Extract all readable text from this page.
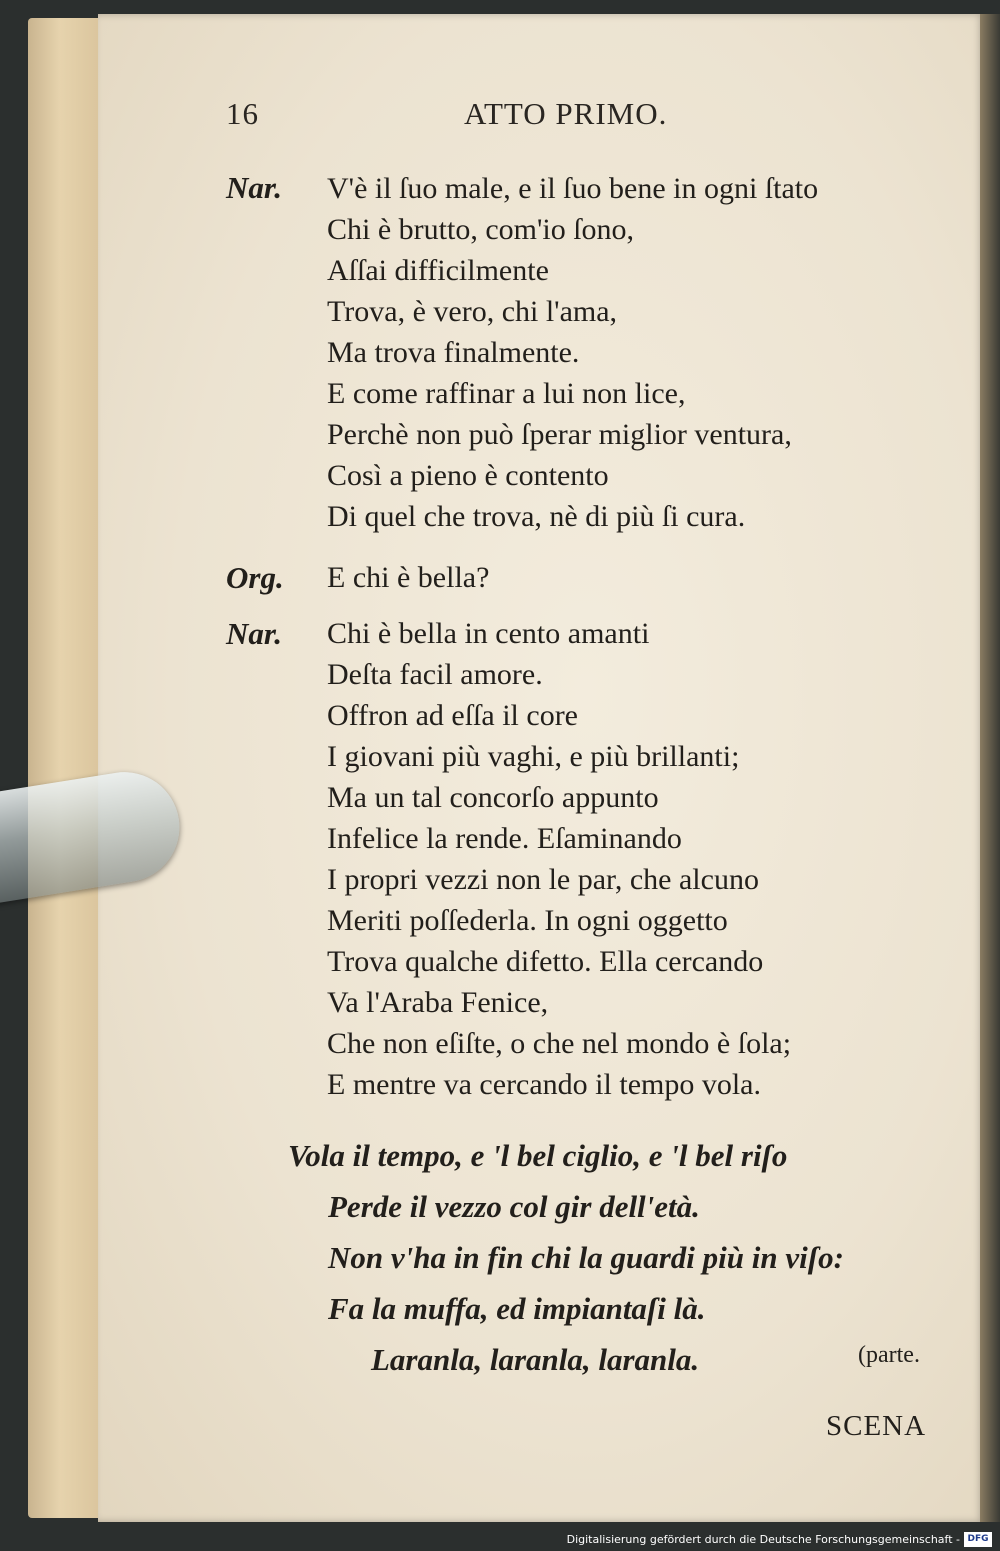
16	ATTO PRIMO.
Nar. V'è il ſuo male, e il ſuo bene in ogni ſtato
Chi è brutto, com'io ſono,
Aſſai difficilmente
Trova, è vero, chi l'ama,
Ma trova finalmente.
E come raffinar a lui non lice,
Perchè non può ſperar miglior ventura,
Così a pieno è contento
Di quel che trova, nè di più ſi cura.
Org. E chi è bella?
Nar. Chi è bella in cento amanti
Deſta facil amore.
Offron ad eſſa il core
I giovani più vaghi, e più brillanti;
Ma un tal concorſo appunto
Infelice la rende. Eſaminando
I propri vezzi non le par, che alcuno
Meriti poſſederla. In ogni oggetto
Trova qualche difetto. Ella cercando
Va l'Araba Fenice,
Che non eſiſte, o che nel mondo è ſola;
E mentre va cercando il tempo vola.
Vola il tempo, e 'l bel ciglio, e 'l bel riſo
Perde il vezzo col gir dell'età.
Non v'ha in fin chi la guardi più in viſo:
Fa la muffa, ed impiantaſi là.
Laranla, laranla, laranla.	(parte.
SCENA
Digitalisierung gefördert durch die Deutsche Forschungsgemeinschaft - DFG
